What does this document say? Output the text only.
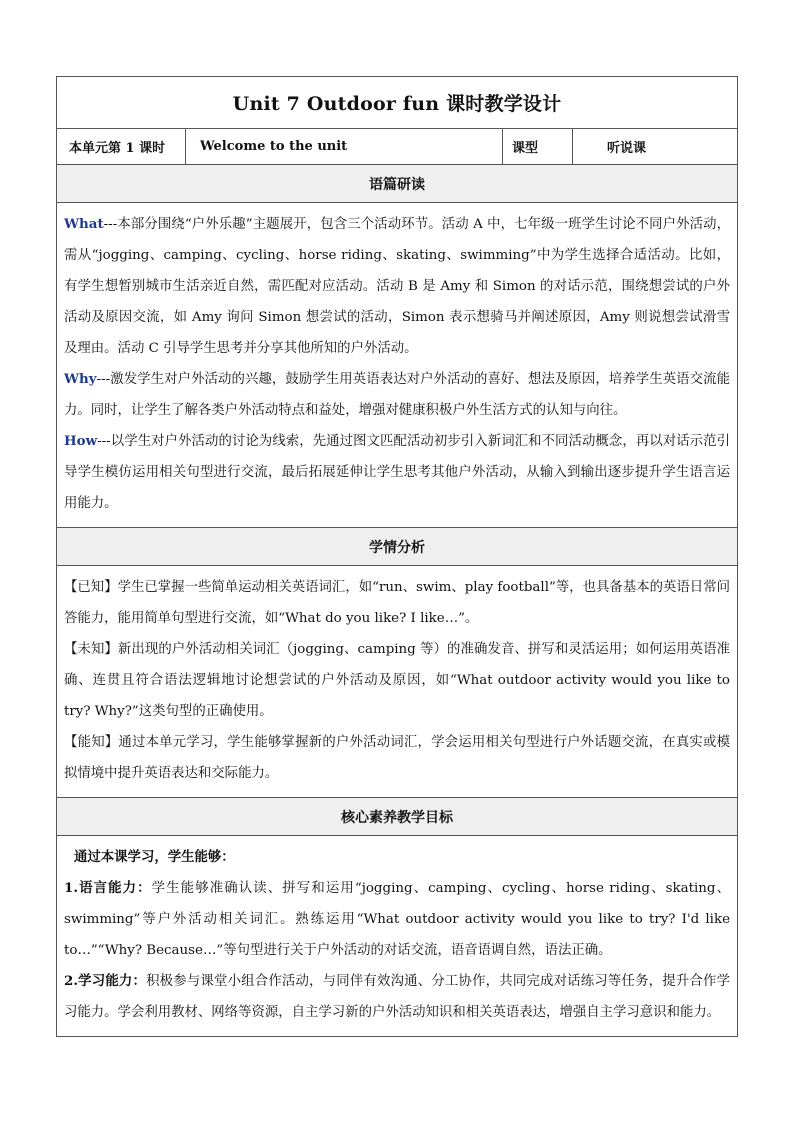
Unit 7 Outdoor fun 课时教学设计
本单元第 1 课时	Welcome to the unit	课型	听说课
语篇研读

What---本部分围绕“户外乐趣”主题展开，包含三个活动环节。活动 A 中，七年级一班学生讨论不同户外活动，需从“jogging、camping、cycling、horse riding、skating、swimming”中为学生选择合适活动。比如，有学生想暂别城市生活亲近自然，需匹配对应活动。活动 B 是 Amy 和 Simon 的对话示范，围绕想尝试的户外活动及原因交流，如 Amy 询问 Simon 想尝试的活动，Simon 表示想骑马并阐述原因，Amy 则说想尝试滑雪及理由。活动 C 引导学生思考并分享其他所知的户外活动。

Why---激发学生对户外活动的兴趣，鼓励学生用英语表达对户外活动的喜好、想法及原因，培养学生英语交流能力。同时，让学生了解各类户外活动特点和益处，增强对健康积极户外生活方式的认知与向往。

How---以学生对户外活动的讨论为线索，先通过图文匹配活动初步引入新词汇和不同活动概念，再以对话示范引导学生模仿运用相关句型进行交流，最后拓展延伸让学生思考其他户外活动，从输入到输出逐步提升学生语言运用能力。

学情分析

【已知】学生已掌握一些简单运动相关英语词汇，如“run、swim、play football”等，也具备基本的英语日常问答能力，能用简单句型进行交流，如“What do you like? I like…”。

【未知】新出现的户外活动相关词汇（jogging、camping 等）的准确发音、拼写和灵活运用；如何运用英语准确、连贯且符合语法逻辑地讨论想尝试的户外活动及原因，如“What outdoor activity would you like to try? Why?”这类句型的正确使用。

【能知】通过本单元学习，学生能够掌握新的户外活动词汇，学会运用相关句型进行户外话题交流，在真实或模拟情境中提升英语表达和交际能力。

核心素养教学目标

通过本课学习，学生能够：

1.语言能力：学生能够准确认读、拼写和运用“jogging、camping、cycling、horse riding、skating、swimming”等户外活动相关词汇。熟练运用“What outdoor activity would you like to try? I'd like to…”“Why? Because…”等句型进行关于户外活动的对话交流，语音语调自然，语法正确。

2.学习能力：积极参与课堂小组合作活动，与同伴有效沟通、分工协作，共同完成对话练习等任务，提升合作学习能力。学会利用教材、网络等资源，自主学习新的户外活动知识和相关英语表达，增强自主学习意识和能力。
